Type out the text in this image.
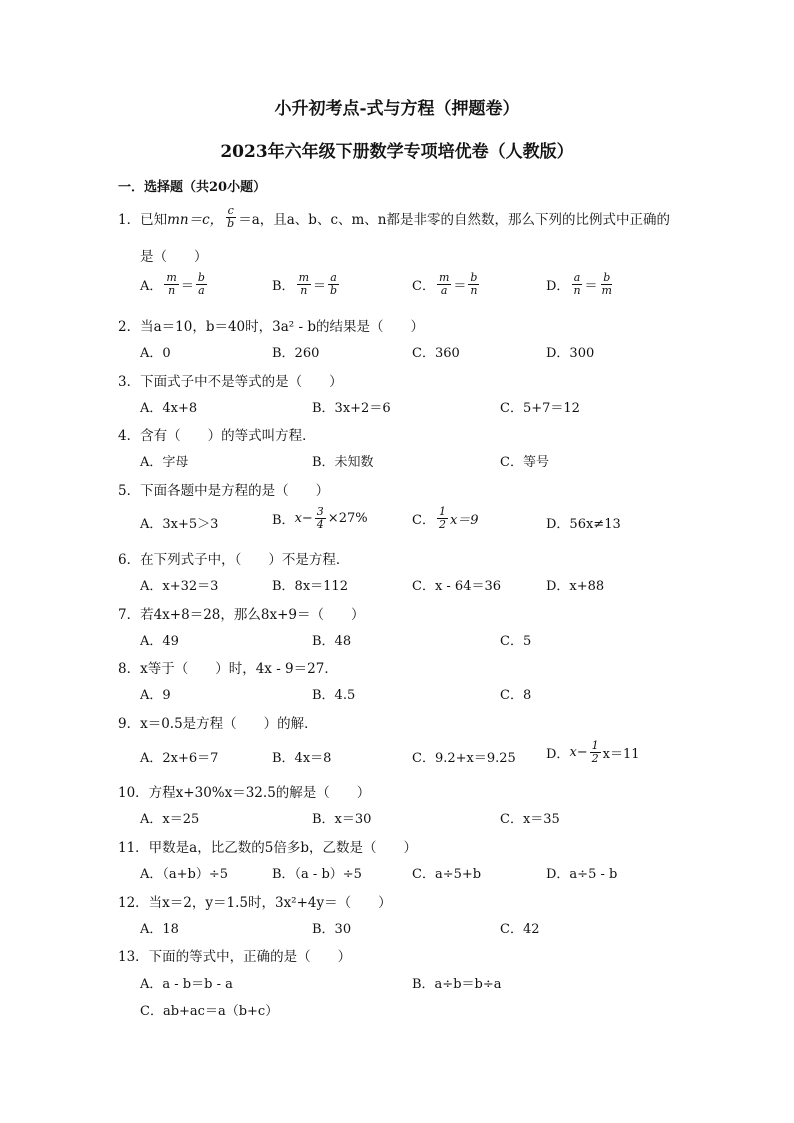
小升初考点-式与方程（押题卷）
2023年六年级下册数学专项培优卷（人教版）
一．选择题（共20小题）
1．已知 mn＝c， $\frac{c}{b} =a$，且a、b、c、m、n都是非零的自然数，那么下列的比例式中正确的
是（　　）
A． $\frac{m}{n} = \frac{b}{a}$	B． $\frac{m}{n} = \frac{a}{b}$	C． $\frac{m}{a} = \frac{b}{n}$	D． $\frac{a}{n} = \frac{b}{m}$
2．当a＝10，b＝40时，3a² - b的结果是（　　）
A．0	B．260	C．360	D．300
3．下面式子中不是等式的是（　　）
A．4x+8	B．3x+2＝6	C．5+7＝12
4．含有（　　）的等式叫方程．
A．字母	B．未知数	C．等号
5．下面各题中是方程的是（　　）
A．3x+5＞3	B． $x- \frac{3}{4} \times 27\%$	C． $\frac{1}{2} x=9$	D．56x≠13
6．在下列式子中，（　　）不是方程．
A．x+32＝3	B．8x＝112	C．x - 64＝36	D．x+88
7．若4x+8＝28，那么8x+9＝（　　）
A．49	B．48	C．5
8．x等于（　　）时，4x - 9＝27．
A．9	B．4.5	C．8
9．x＝0.5是方程（　　）的解．
A．2x+6＝7	B．4x＝8	C．9.2+x＝9.25 D． $x- \frac{1}{2} x=11$
10．方程x+30%x＝32.5的解是（　　）
A．x＝25	B．x＝30	C．x＝35
11．甲数是a，比乙数的5倍多b，乙数是（　　）
A．（a+b）÷5	B．（a - b）÷5	C．a÷5+b	D．a÷5 - b
12．当x＝2，y＝1.5时，3x²+4y＝（　　）
A．18	B．30	C．42
13．下面的等式中，正确的是（　　）
A．a - b＝b - a	B．a÷b＝b÷a
C．ab+ac＝a（b+c）
